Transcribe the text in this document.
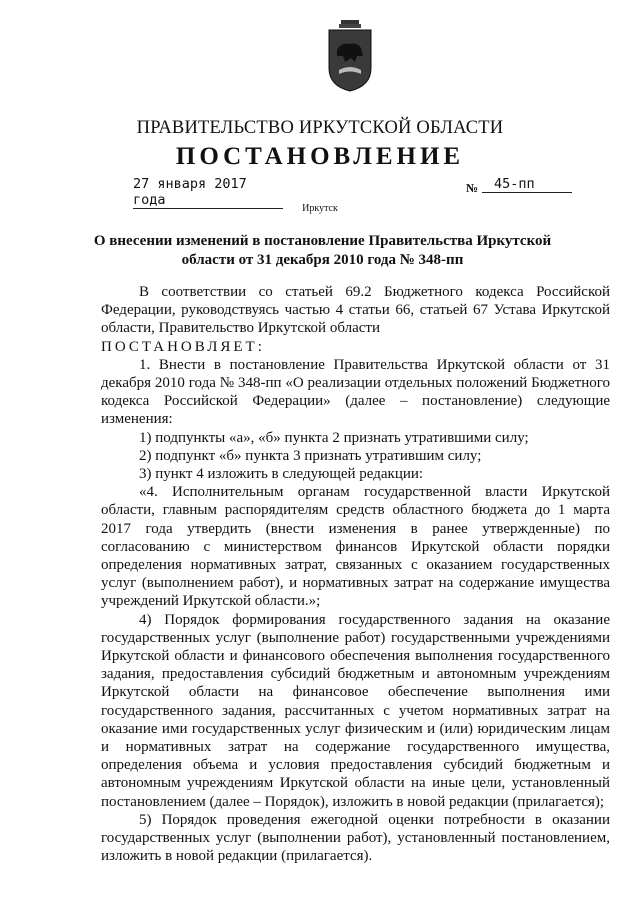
ПРАВИТЕЛЬСТВО ИРКУТСКОЙ ОБЛАСТИ
ПОСТАНОВЛЕНИЕ
27 января 2017 года
№	45-пп
Иркутск
О внесении изменений в постановление Правительства Иркутской области от 31 декабря 2010 года № 348-пп

В соответствии со статьей 69.2 Бюджетного кодекса Российской Федерации, руководствуясь частью 4 статьи 66, статьей 67 Устава Иркутской области, Правительство Иркутской области

ПОСТАНОВЛЯЕТ:

1. Внести в постановление Правительства Иркутской области от 31 декабря 2010 года № 348-пп «О реализации отдельных положений Бюджетного кодекса Российской Федерации» (далее – постановление) следующие изменения:

1) подпункты «а», «б» пункта 2 признать утратившими силу;

2) подпункт «б» пункта 3 признать утратившим силу;

3) пункт 4 изложить в следующей редакции:

«4. Исполнительным органам государственной власти Иркутской области, главным распорядителям средств областного бюджета до 1 марта 2017 года утвердить (внести изменения в ранее утвержденные) по согласованию с министерством финансов Иркутской области порядки определения нормативных затрат, связанных с оказанием государственных услуг (выполнением работ), и нормативных затрат на содержание имущества учреждений Иркутской области.»;

4) Порядок формирования государственного задания на оказание государственных услуг (выполнение работ) государственными учреждениями Иркутской области и финансового обеспечения выполнения государственного задания, предоставления субсидий бюджетным и автономным учреждениям Иркутской области на финансовое обеспечение выполнения ими государственного задания, рассчитанных с учетом нормативных затрат на оказание ими государственных услуг физическим и (или) юридическим лицам и нормативных затрат на содержание государственного имущества, определения объема и условия предоставления субсидий бюджетным и автономным учреждениям Иркутской области на иные цели, установленный постановлением (далее – Порядок), изложить в новой редакции (прилагается);

5) Порядок проведения ежегодной оценки потребности в оказании государственных услуг (выполнении работ), установленный постановлением, изложить в новой редакции (прилагается).
